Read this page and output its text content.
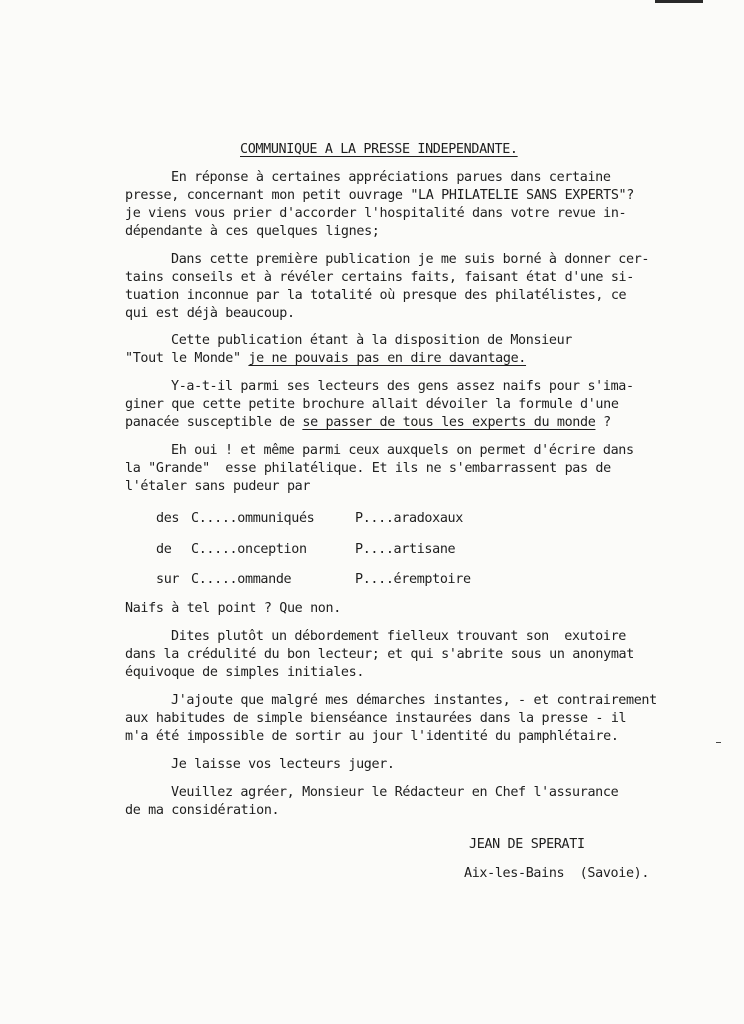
COMMUNIQUE A LA PRESSE INDEPENDANTE.
En réponse à certaines appréciations parues dans certaine
presse, concernant mon petit ouvrage "LA PHILATELIE SANS EXPERTS"?
je viens vous prier d'accorder l'hospitalité dans votre revue in-
dépendante à ces quelques lignes;
Dans cette première publication je me suis borné à donner cer-
tains conseils et à révéler certains faits, faisant état d'une si-
tuation inconnue par la totalité où presque des philatélistes, ce
qui est déjà beaucoup.
Cette publication étant à la disposition de Monsieur
"Tout le Monde" je ne pouvais pas en dire davantage.
Y-a-t-il parmi ses lecteurs des gens assez naifs pour s'ima-
giner que cette petite brochure allait dévoiler la formule d'une
panacée susceptible de se passer de tous les experts du monde ?
Eh oui ! et même parmi ceux auxquels on permet d'écrire dans
la "Grande"  esse philatélique. Et ils ne s'embarrassent pas de
l'étaler sans pudeur par
des C.....ommuniqués	P....aradoxaux
de C.....onception	P....artisane
sur C.....ommande	P....éremptoire
Naifs à tel point ? Que non.
Dites plutôt un débordement fielleux trouvant son  exutoire
dans la crédulité du bon lecteur; et qui s'abrite sous un anonymat
équivoque de simples initiales.
J'ajoute que malgré mes démarches instantes, - et contrairement
aux habitudes de simple bienséance instaurées dans la presse - il
m'a été impossible de sortir au jour l'identité du pamphlétaire.
Je laisse vos lecteurs juger.
Veuillez agréer, Monsieur le Rédacteur en Chef l'assurance
de ma considération.
JEAN DE SPERATI
Aix-les-Bains  (Savoie).
